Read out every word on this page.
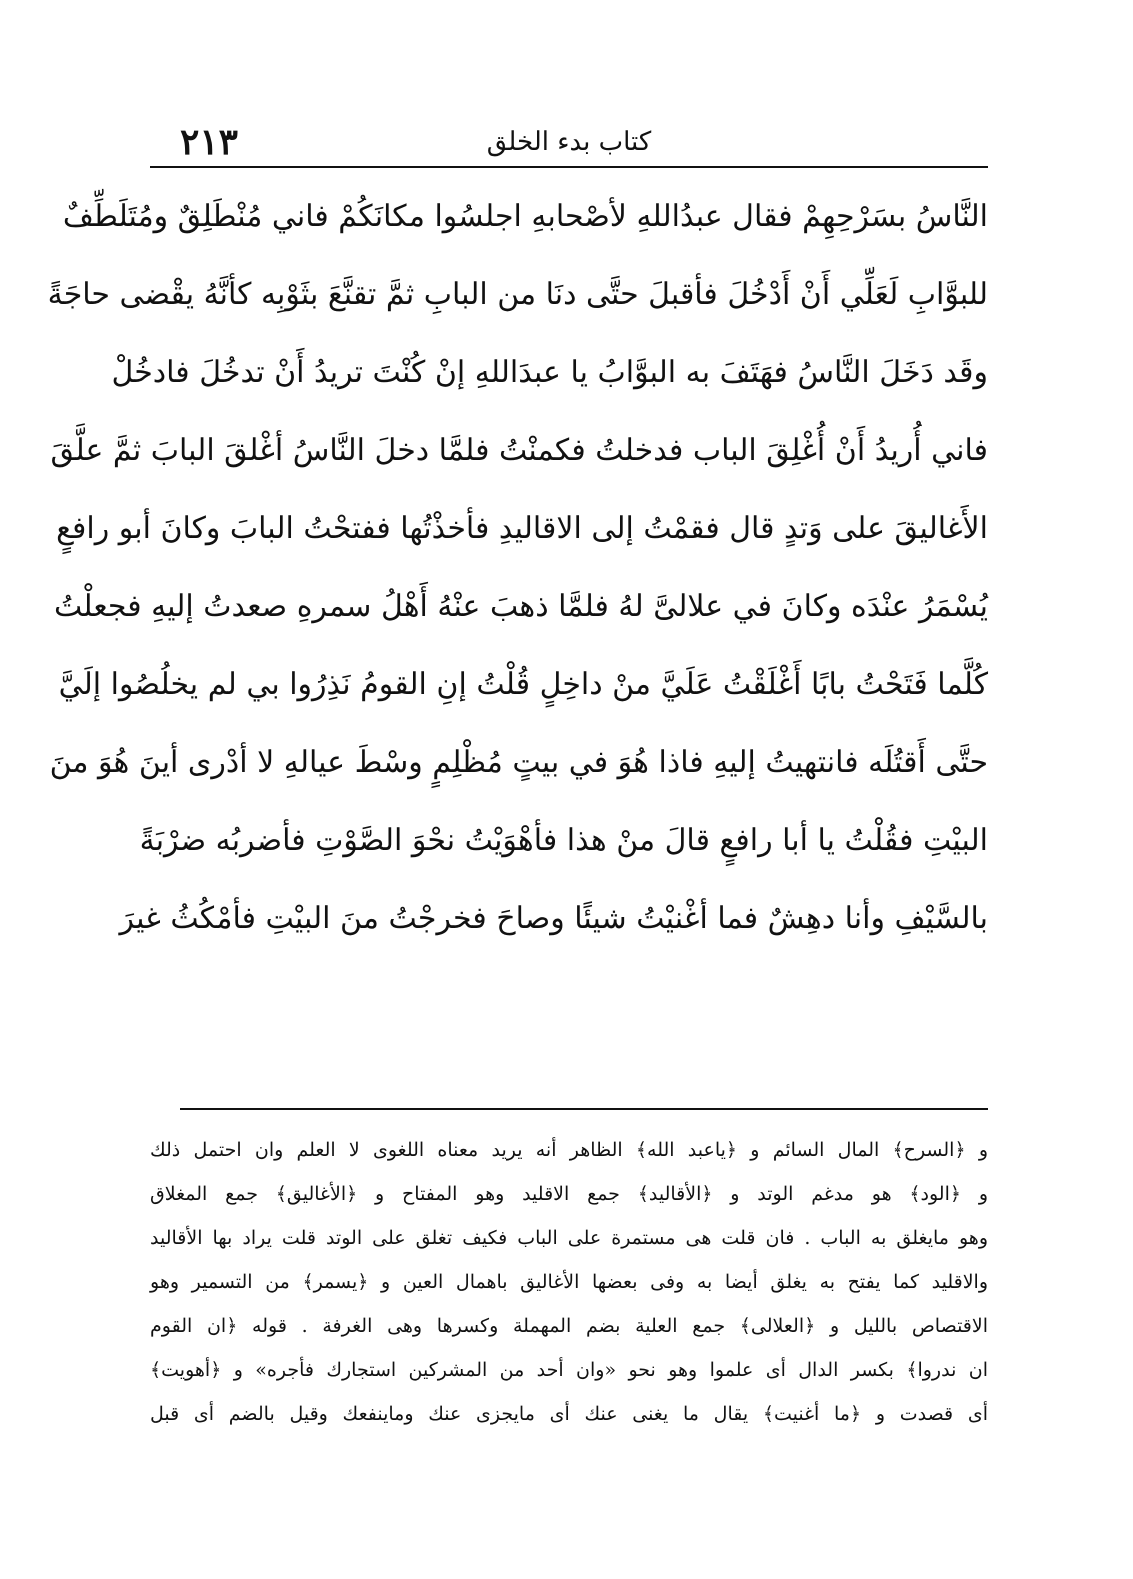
٢١٣	كتاب بدء الخلق
النَّاسُ بسَرْحِهِمْ فقال عبدُاللهِ لأصْحابهِ اجلسُوا مكانَكُمْ فاني مُنْطَلِقٌ ومُتَلَطِّفٌ
للبوَّابِ لَعَلِّي أَنْ أَدْخُلَ فأقبلَ حتَّى دنَا من البابِ ثمَّ تقنَّعَ بثَوْبِه كأنَّهُ يقْضى حاجَةً
وقَد دَخَلَ النَّاسُ فهَتَفَ به البوَّابُ يا عبدَاللهِ إنْ كُنْتَ تريدُ أَنْ تدخُلَ فادخُلْ
فاني أُريدُ أَنْ أُغْلِقَ الباب فدخلتُ فكمنْتُ فلمَّا دخلَ النَّاسُ أغْلقَ البابَ ثمَّ علَّقَ
الأَغاليقَ على وَتدٍ قال فقمْتُ إلى الاقاليدِ فأخذْتُها ففتحْتُ البابَ وكانَ أبو رافعٍ
يُسْمَرُ عنْدَه وكانَ في علالىَّ لهُ فلمَّا ذهبَ عنْهُ أَهْلُ سمرهِ صعدتُ إليهِ فجعلْتُ
كُلَّما فَتَحْتُ بابًا أَغْلَقْتُ عَلَيَّ منْ داخِلٍ قُلْتُ إنِ القومُ نَذِرُوا بي لم يخلُصُوا إلَيَّ
حتَّى أَقتُلَه فانتهيتُ إليهِ فاذا هُوَ في بيتٍ مُظْلِمٍ وسْطَ عيالهِ لا أدْرى أينَ هُوَ منَ
البيْتِ فقُلْتُ يا أبا رافعٍ قالَ منْ هذا فأهْوَيْتُ نحْوَ الصَّوْتِ فأضربُه ضرْبَةً
بالسَّيْفِ وأنا دهِشٌ فما أغْنيْتُ شيئًا وصاحَ فخرجْتُ منَ البيْتِ فأمْكُثُ غيرَ
و ﴿السرح﴾ المال السائم و ﴿ياعبد الله﴾ الظاهر أنه يريد معناه اللغوى لا العلم وان احتمل ذلك
و ﴿الود﴾ هو مدغم الوتد و ﴿الأقاليد﴾ جمع الاقليد وهو المفتاح و ﴿الأغاليق﴾ جمع المغلاق
وهو مايغلق به الباب . فان قلت هى مستمرة على الباب فكيف تغلق على الوتد قلت يراد بها الأقاليد
والاقليد كما يفتح به يغلق أيضا به وفى بعضها الأغاليق باهمال العين و ﴿يسمر﴾ من التسمير وهو
الاقتصاص بالليل و ﴿العلالى﴾ جمع العلية بضم المهملة وكسرها وهى الغرفة . قوله ﴿ان القوم
ان ندروا﴾ بكسر الدال أى علموا وهو نحو «وان أحد من المشركين استجارك فأجره» و ﴿أهويت﴾
أى قصدت و ﴿ما أغنيت﴾ يقال ما يغنى عنك أى مايجزى عنك وماينفعك وقيل بالضم أى قبل
